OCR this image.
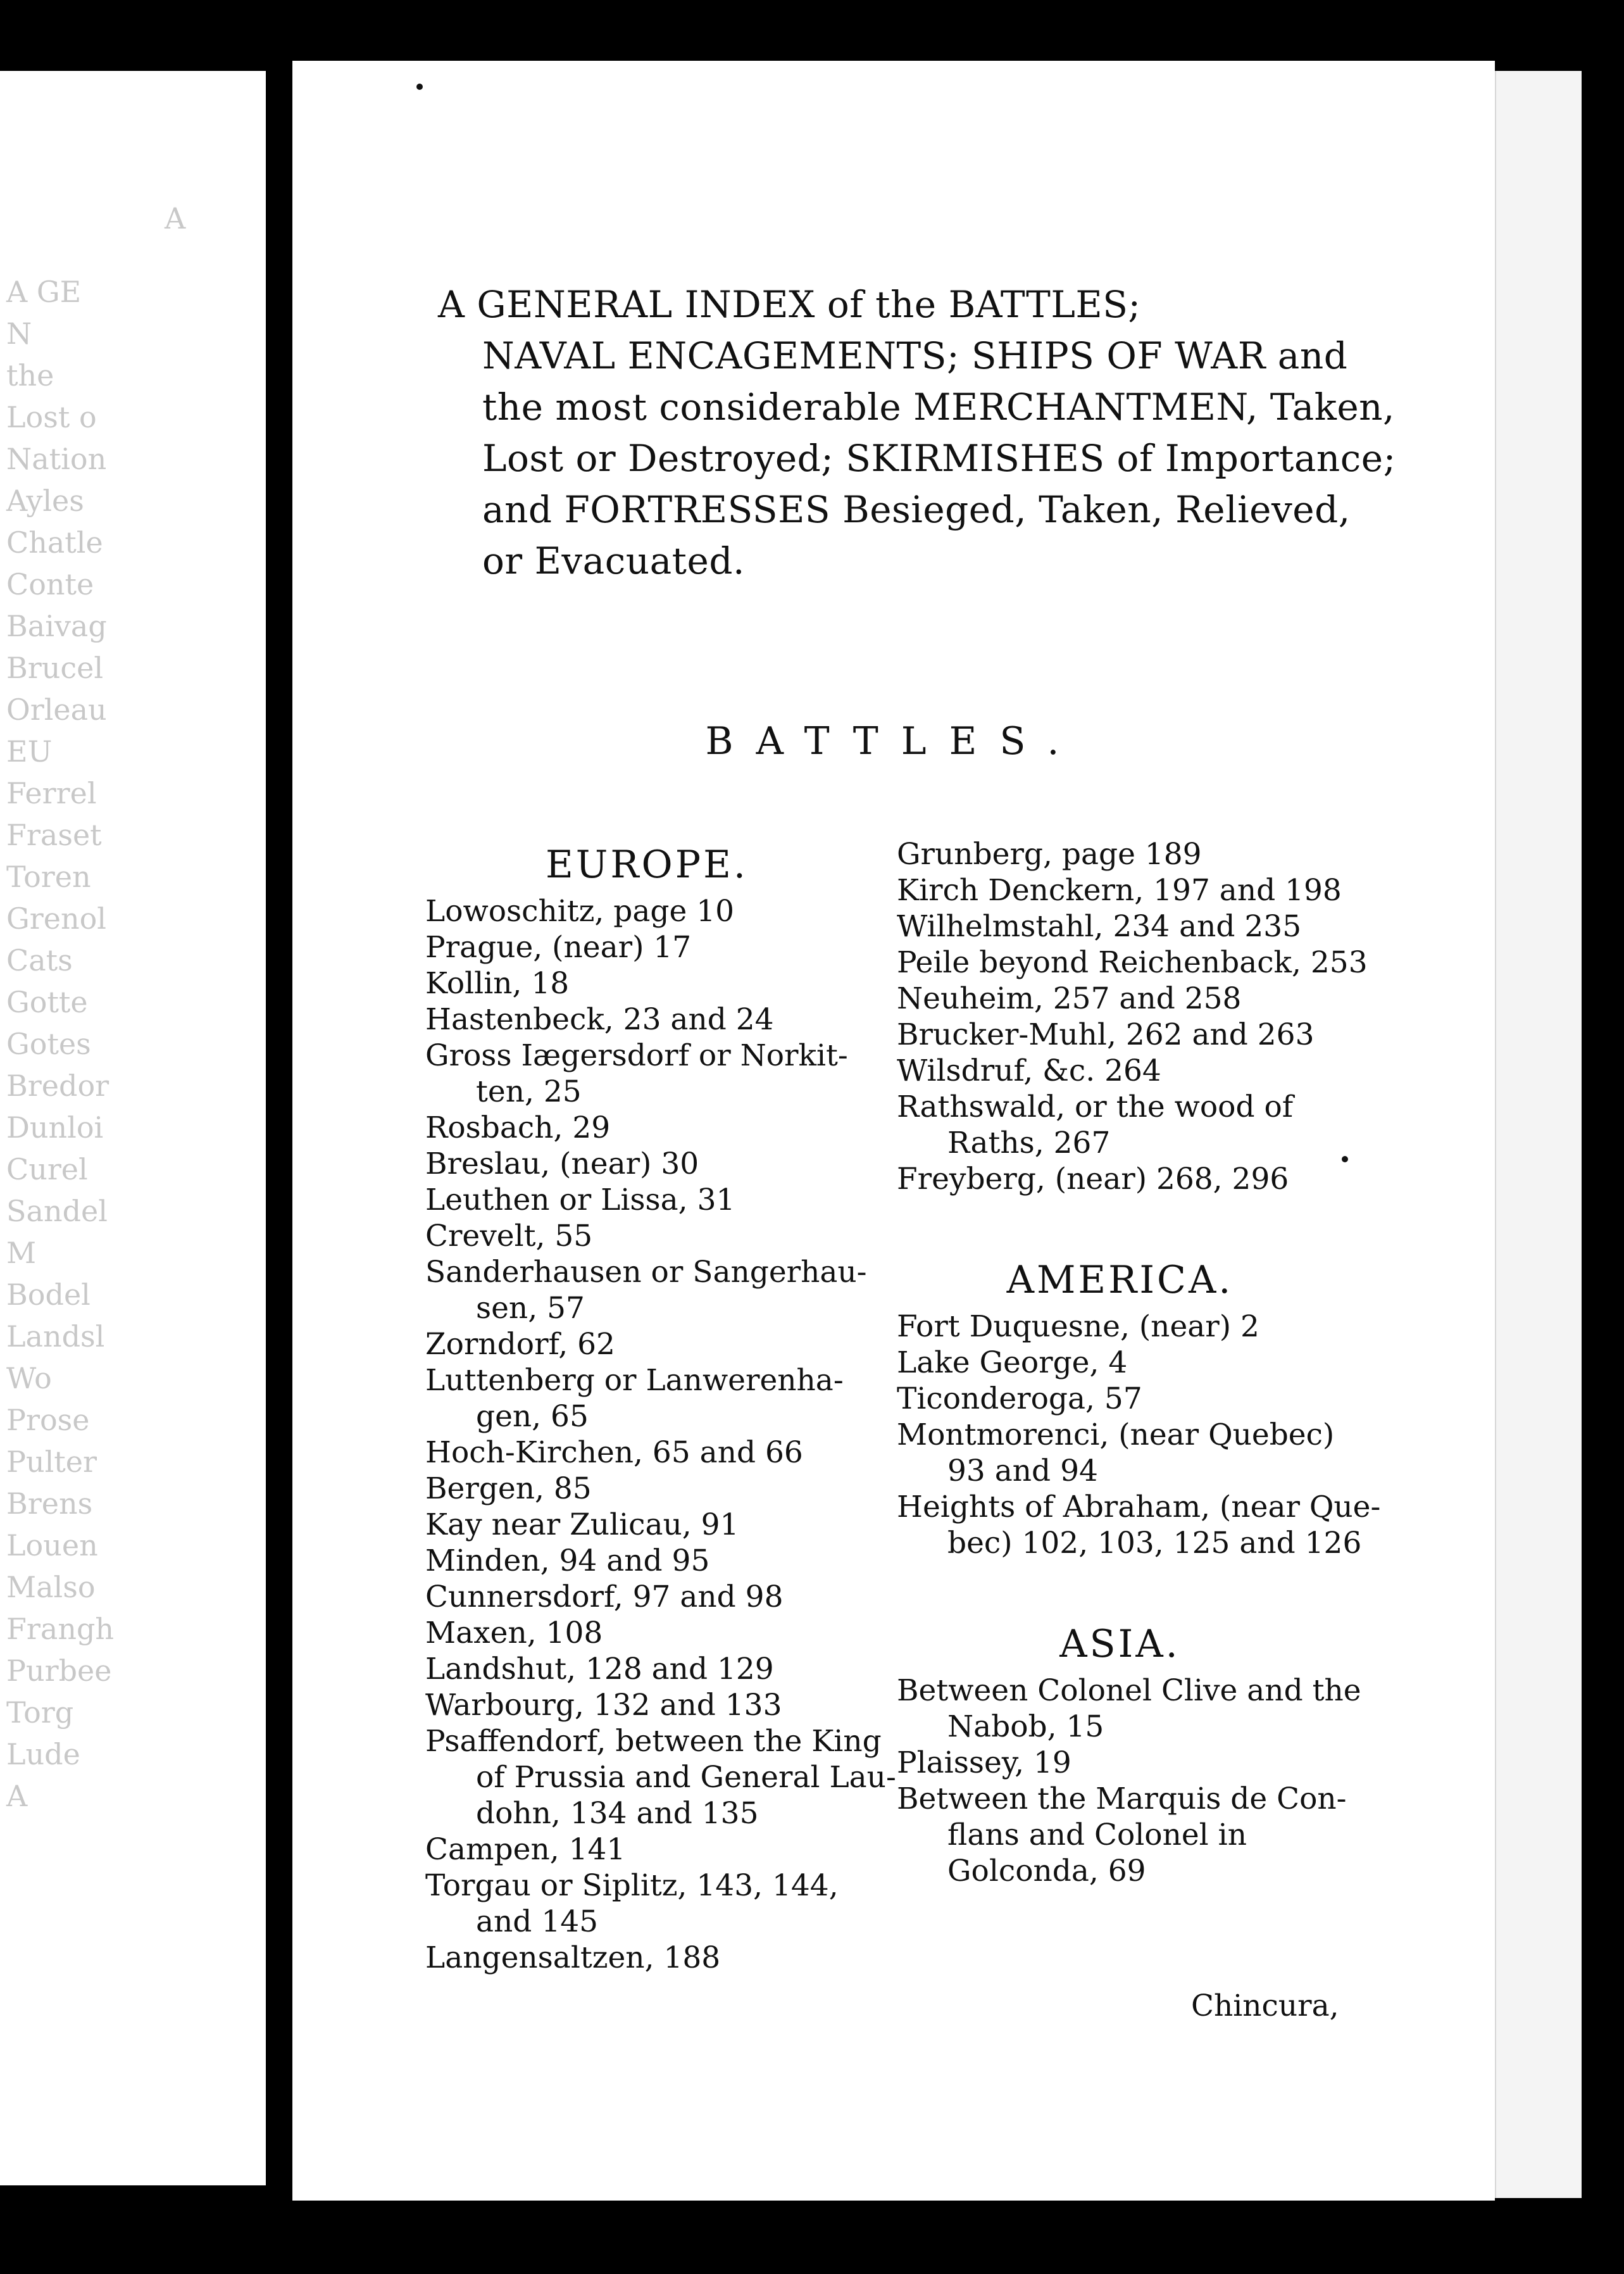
A
A GE
N
the
Lost o
Nation
Ayles
Chatle
Conte
Baivag
Brucel
Orleau
EU
Ferrel
Fraset
Toren
Grenol
Cats
Gotte
Gotes
Bredor
Dunloi
Curel
Sandel
M
Bodel
Landsl
Wo
Prose
Pulter
Brens
Louen
Malso
Frangh
Purbee
Torg
Lude
A
A GENERAL INDEX of the BATTLES;
NAVAL ENCAGEMENTS; SHIPS OF WAR and
the most considerable MERCHANTMEN, Taken,
Lost or Destroyed; SKIRMISHES of Importance;
and FORTRESSES Besieged, Taken, Relieved,
or Evacuated.
BATTLES.
EUROPE.
Lowoschitz, page 10
Prague, (near) 17
Kollin, 18
Hastenbeck, 23 and 24
Gross Iægersdorf or Norkit-
ten, 25
Rosbach, 29
Breslau, (near) 30
Leuthen or Lissa, 31
Crevelt, 55
Sanderhausen or Sangerhau-
sen, 57
Zorndorf, 62
Luttenberg or Lanwerenha-
gen, 65
Hoch-Kirchen, 65 and 66
Bergen, 85
Kay near Zulicau, 91
Minden, 94 and 95
Cunnersdorf, 97 and 98
Maxen, 108
Landshut, 128 and 129
Warbourg, 132 and 133
Psaffendorf, between the King
of Prussia and General Lau-
dohn, 134 and 135
Campen, 141
Torgau or Siplitz, 143, 144,
and 145
Langensaltzen, 188
Grunberg, page 189
Kirch Denckern, 197 and 198
Wilhelmstahl, 234 and 235
Peile beyond Reichenback, 253
Neuheim, 257 and 258
Brucker-Muhl, 262 and 263
Wilsdruf, &c. 264
Rathswald, or the wood of
Raths, 267
Freyberg, (near) 268, 296
AMERICA.
Fort Duquesne, (near) 2
Lake George, 4
Ticonderoga, 57
Montmorenci, (near Quebec)
93 and 94
Heights of Abraham, (near Que-
bec) 102, 103, 125 and 126
ASIA.
Between Colonel Clive and the
Nabob, 15
Plaissey, 19
Between the Marquis de Con-
flans and Colonel in
Golconda, 69
Chincura,
